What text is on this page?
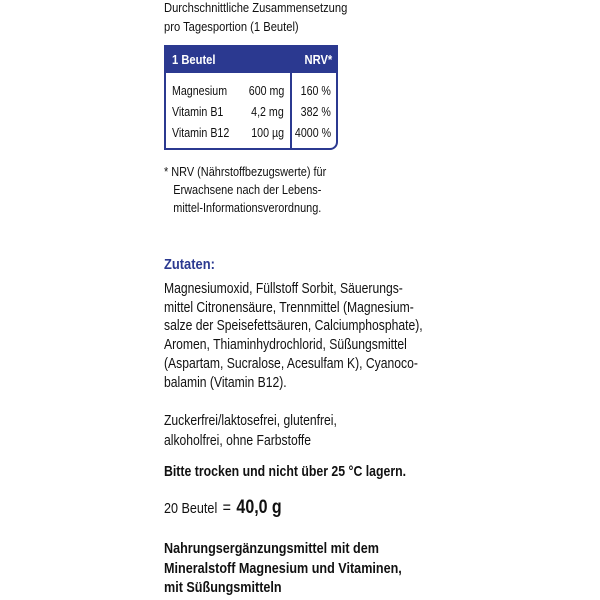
Durchschnittliche Zusammensetzung
pro Tagesportion (1 Beutel)
1 Beutel	NRV*
Magnesium 600 mg 160 %
Vitamin B1 4,2 mg 382 %
Vitamin B12 100 µg 4000 %
* NRV (Nährstoffbezugswerte) für
Erwachsene nach der Lebens-
mittel-Informationsverordnung.
Zutaten:
Magnesiumoxid, Füllstoff Sorbit, Säuerungs-
mittel Citronensäure, Trennmittel (Magnesium-
salze der Speisefettsäuren, Calciumphosphate),
Aromen, Thiaminhydrochlorid, Süßungsmittel
(Aspartam, Sucralose, Acesulfam K), Cyanoco-
balamin (Vitamin B12).
Zuckerfrei/laktosefrei, glutenfrei,
alkoholfrei, ohne Farbstoffe
Bitte trocken und nicht über 25 °C lagern.
20 Beutel = 40,0 g
Nahrungsergänzungsmittel mit dem
Mineralstoff Magnesium und Vitaminen,
mit Süßungsmitteln
